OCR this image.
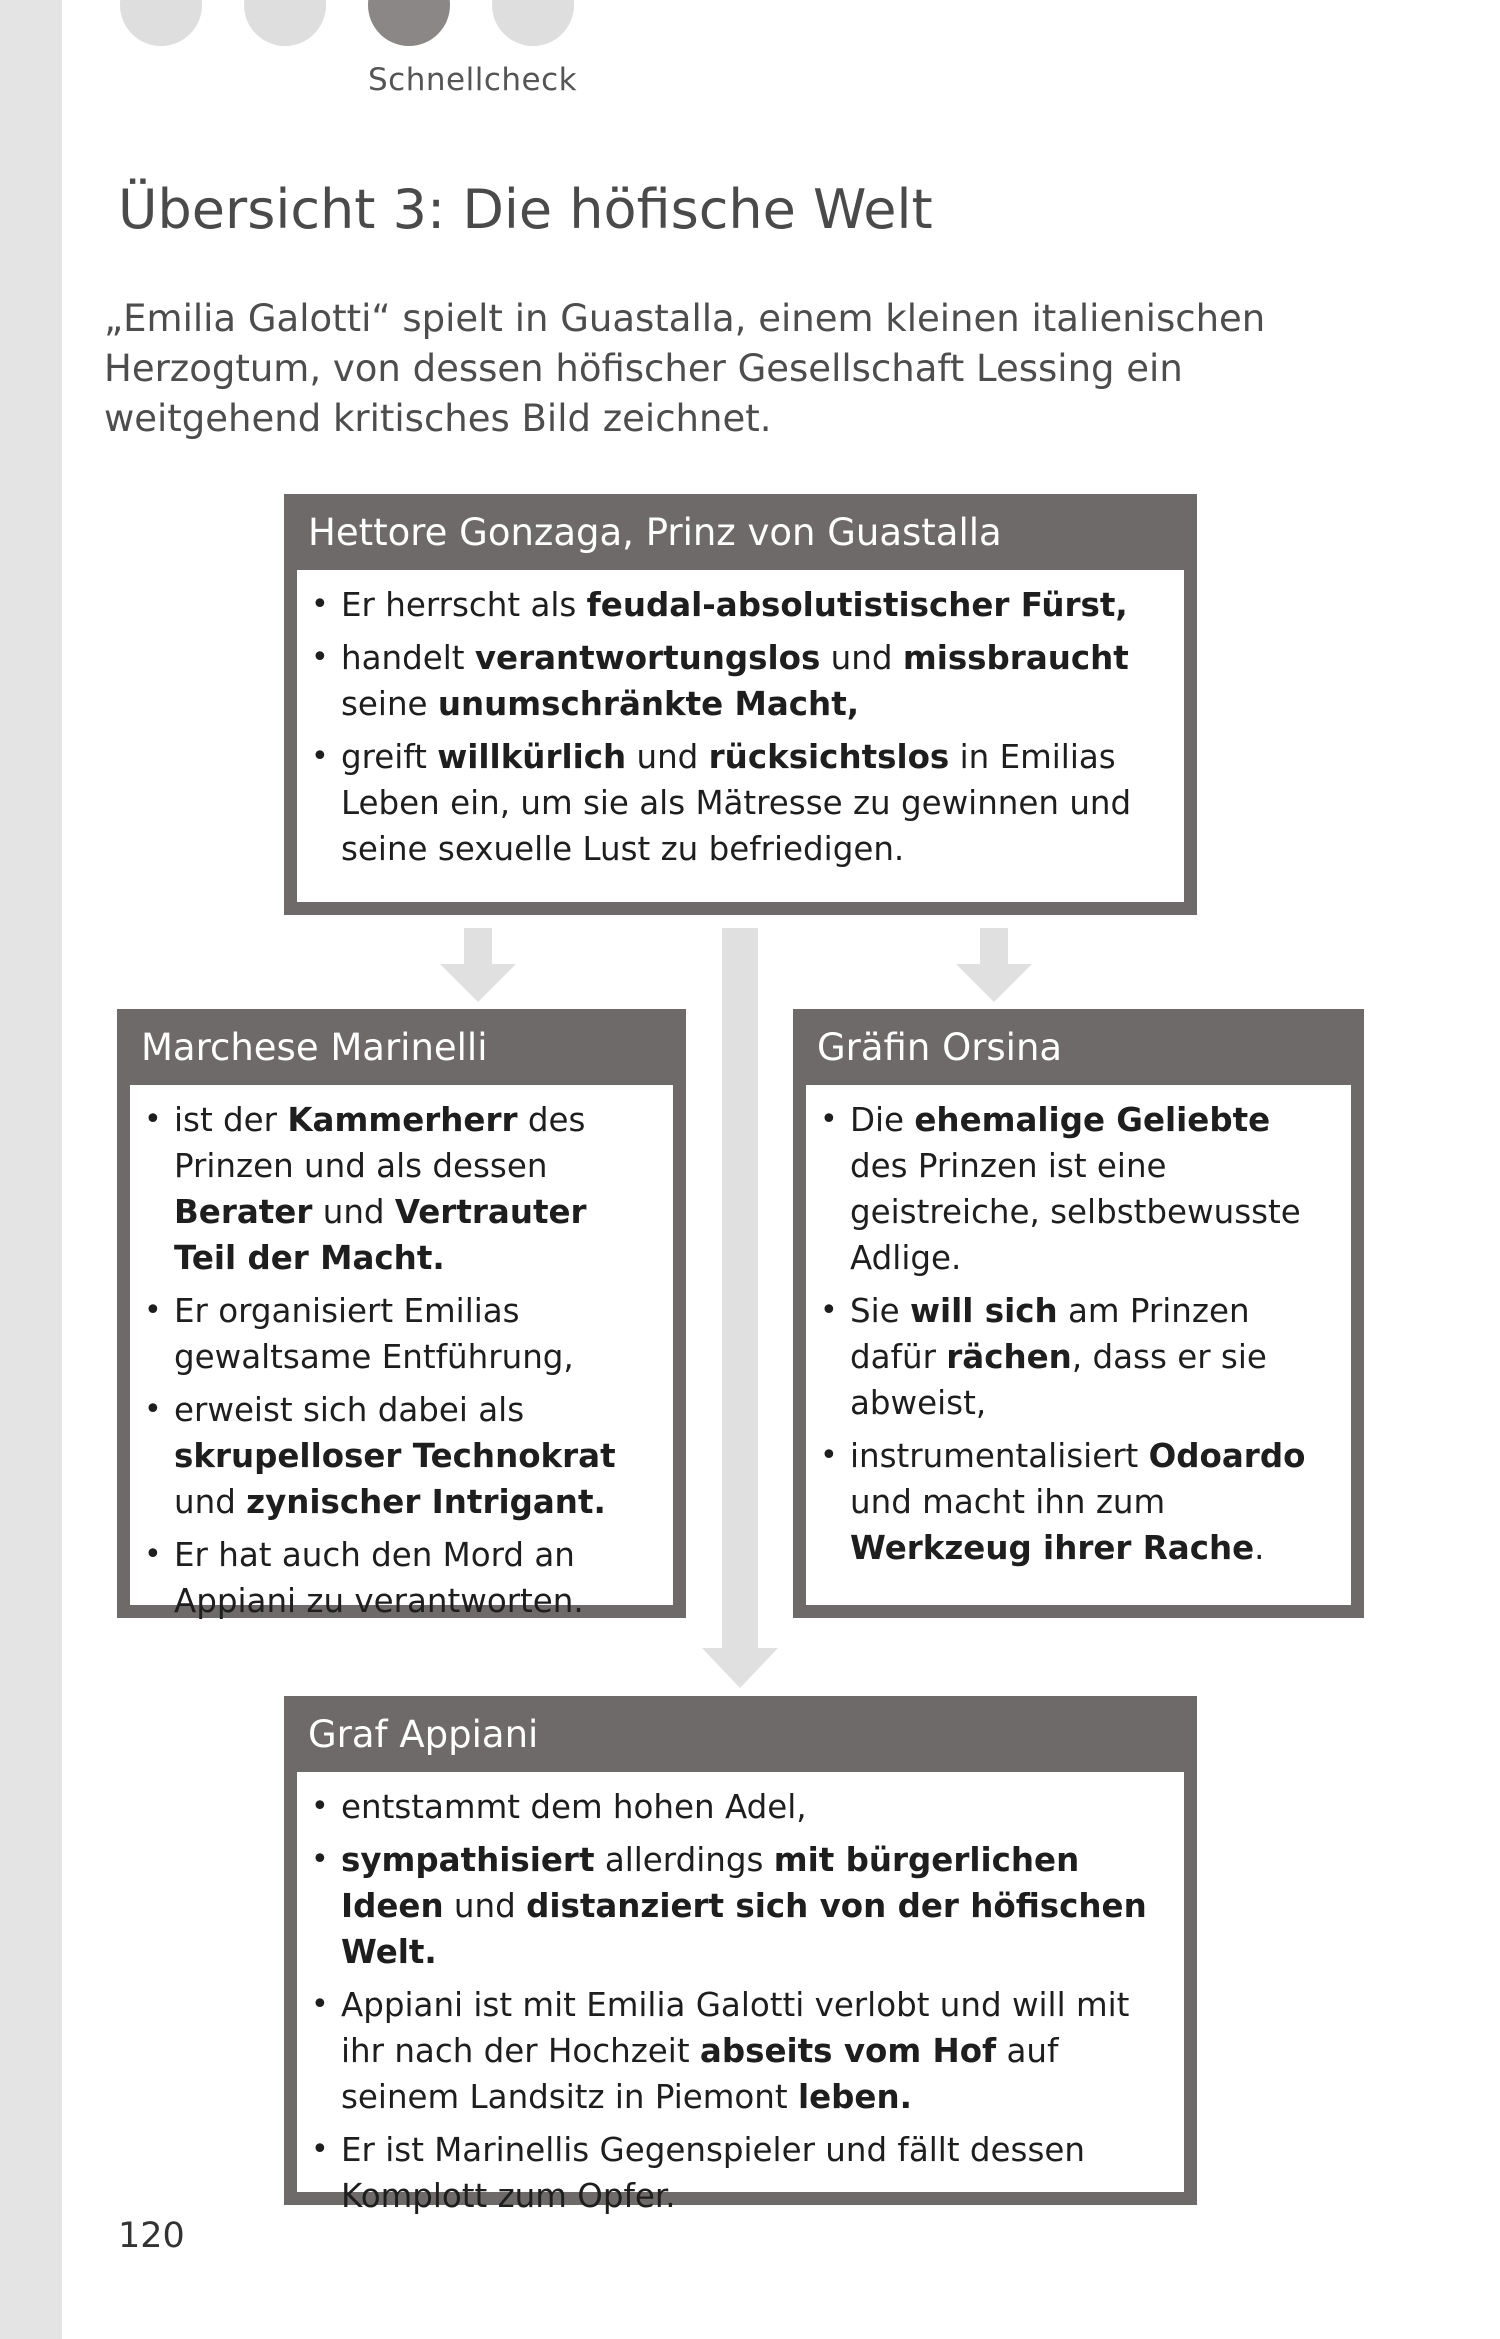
Schnellcheck
Übersicht 3: Die höfische Welt

„Emilia Galotti“ spielt in Guastalla, einem kleinen italienischen Herzogtum, von dessen höfischer Gesellschaft Lessing ein weitgehend kritisches Bild zeichnet.

Hettore Gonzaga, Prinz von Guastalla
• Er herrscht als feudal-absolutistischer Fürst,
• handelt verantwortungslos und missbraucht seine unumschränkte Macht,
• greift willkürlich und rücksichtslos in Emilias Leben ein, um sie als Mätresse zu gewinnen und seine sexuelle Lust zu befriedigen.
Marchese Marinelli
• ist der Kammerherr des Prinzen und als dessen Berater und Vertrauter Teil der Macht.
• Er organisiert Emilias gewaltsame Entführung,
• erweist sich dabei als skrupelloser Technokrat und zynischer Intrigant.
• Er hat auch den Mord an Appiani zu verantworten.
Gräfin Orsina
• Die ehemalige Geliebte des Prinzen ist eine geistreiche, selbstbewusste Adlige.
• Sie will sich am Prinzen dafür rächen, dass er sie abweist,
• instrumentalisiert Odoardo und macht ihn zum Werkzeug ihrer Rache.
Graf Appiani
• entstammt dem hohen Adel,
• sympathisiert allerdings mit bürgerlichen Ideen und distanziert sich von der höfischen Welt.
• Appiani ist mit Emilia Galotti verlobt und will mit ihr nach der Hochzeit abseits vom Hof auf seinem Landsitz in Piemont leben.
• Er ist Marinellis Gegenspieler und fällt dessen Komplott zum Opfer.
120
